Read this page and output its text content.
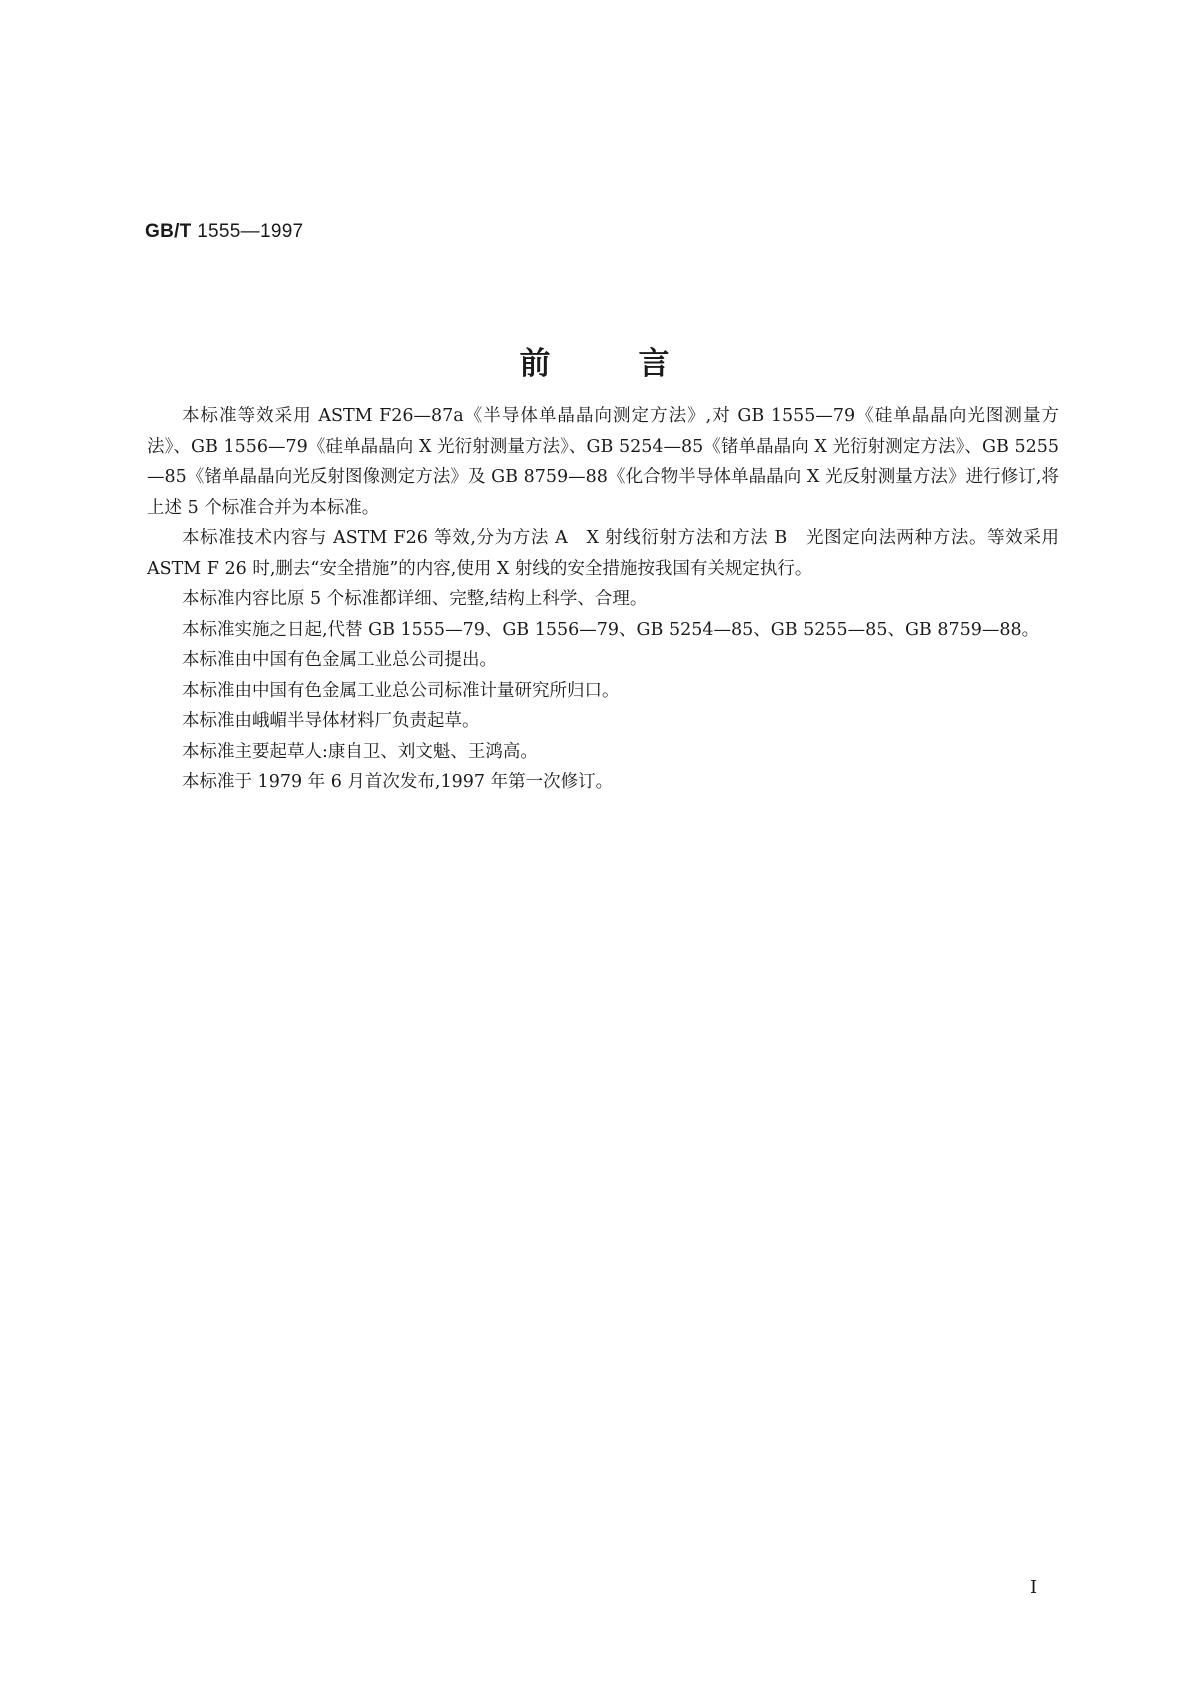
GB/T 1555—1997
前	言

本标准等效采用 ASTM F26—87a《半导体单晶晶向测定方法》,对 GB 1555—79《硅单晶晶向光图测量方法》、GB 1556—79《硅单晶晶向 X 光衍射测量方法》、GB 5254—85《锗单晶晶向 X 光衍射测定方法》、GB 5255—85《锗单晶晶向光反射图像测定方法》及 GB 8759—88《化合物半导体单晶晶向 X 光反射测量方法》进行修订,将上述 5 个标准合并为本标准。

本标准技术内容与 ASTM F26 等效,分为方法 A　X 射线衍射方法和方法 B　光图定向法两种方法。等效采用 ASTM F 26 时,删去“安全措施”的内容,使用 X 射线的安全措施按我国有关规定执行。

本标准内容比原 5 个标准都详细、完整,结构上科学、合理。

本标准实施之日起,代替 GB 1555—79、GB 1556—79、GB 5254—85、GB 5255—85、GB 8759—88。

本标准由中国有色金属工业总公司提出。

本标准由中国有色金属工业总公司标准计量研究所归口。

本标准由峨嵋半导体材料厂负责起草。

本标准主要起草人:康自卫、刘文魁、王鸿高。

本标准于 1979 年 6 月首次发布,1997 年第一次修订。

I
